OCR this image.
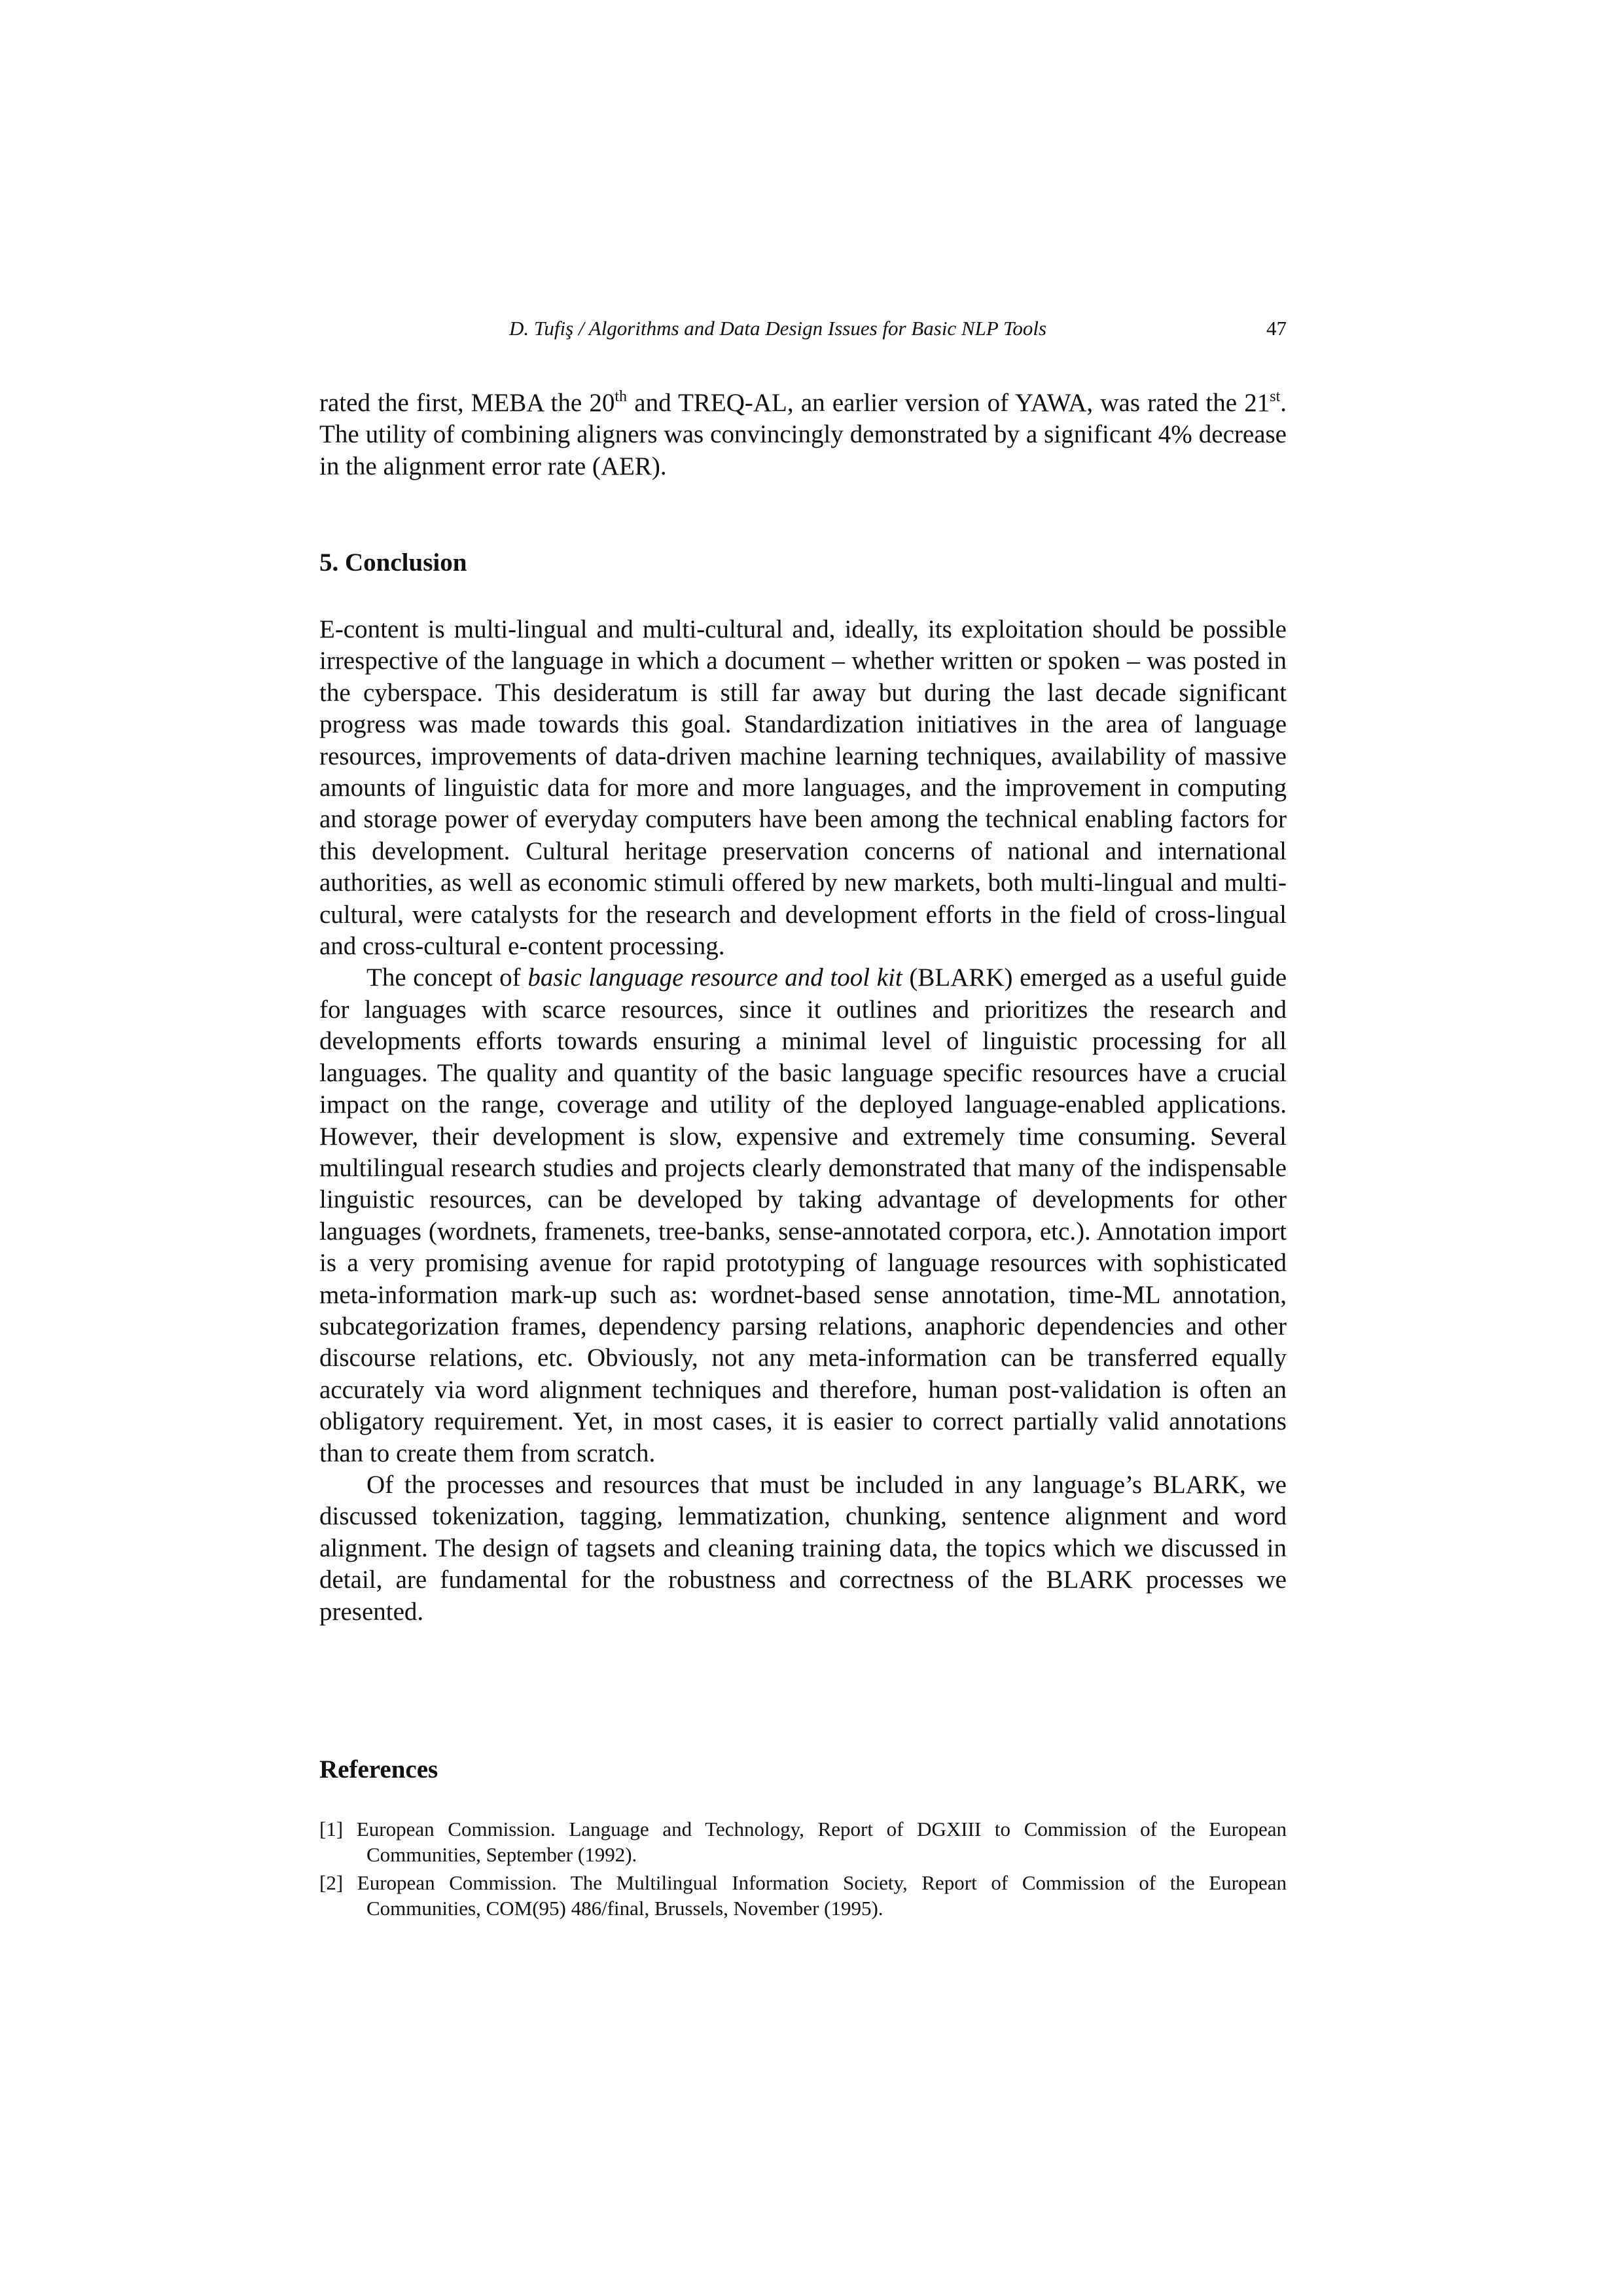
D. Tufiş / Algorithms and Data Design Issues for Basic NLP Tools	47

rated the first, MEBA the 20th and TREQ-AL, an earlier version of YAWA, was rated the 21st. The utility of combining aligners was convincingly demonstrated by a significant 4% decrease in the alignment error rate (AER).

5. Conclusion

E-content is multi-lingual and multi-cultural and, ideally, its exploitation should be possible irrespective of the language in which a document – whether written or spoken – was posted in the cyberspace. This desideratum is still far away but during the last decade significant progress was made towards this goal. Standardization initiatives in the area of language resources, improvements of data-driven machine learning techniques, availability of massive amounts of linguistic data for more and more languages, and the improvement in computing and storage power of everyday computers have been among the technical enabling factors for this development. Cultural heritage preservation concerns of national and international authorities, as well as economic stimuli offered by new markets, both multi-lingual and multi-cultural, were catalysts for the research and development efforts in the field of cross-lingual and cross-cultural e-content processing.

The concept of basic language resource and tool kit (BLARK) emerged as a useful guide for languages with scarce resources, since it outlines and prioritizes the research and developments efforts towards ensuring a minimal level of linguistic processing for all languages. The quality and quantity of the basic language specific resources have a crucial impact on the range, coverage and utility of the deployed language-enabled applications. However, their development is slow, expensive and extremely time consuming. Several multilingual research studies and projects clearly demonstrated that many of the indispensable linguistic resources, can be developed by taking advantage of developments for other languages (wordnets, framenets, tree-banks, sense-annotated corpora, etc.). Annotation import is a very promising avenue for rapid prototyping of language resources with sophisticated meta-information mark-up such as: wordnet-based sense annotation, time-ML annotation, subcategorization frames, dependency parsing relations, anaphoric dependencies and other discourse relations, etc. Obviously, not any meta-information can be transferred equally accurately via word alignment techniques and therefore, human post-validation is often an obligatory requirement. Yet, in most cases, it is easier to correct partially valid annotations than to create them from scratch.

Of the processes and resources that must be included in any language’s BLARK, we discussed tokenization, tagging, lemmatization, chunking, sentence alignment and word alignment. The design of tagsets and cleaning training data, the topics which we discussed in detail, are fundamental for the robustness and correctness of the BLARK processes we presented.

References
[1] European Commission. Language and Technology, Report of DGXIII to Commission of the European Communities, September (1992).
[2] European Commission. The Multilingual Information Society, Report of Commission of the European Communities, COM(95) 486/final, Brussels, November (1995).
